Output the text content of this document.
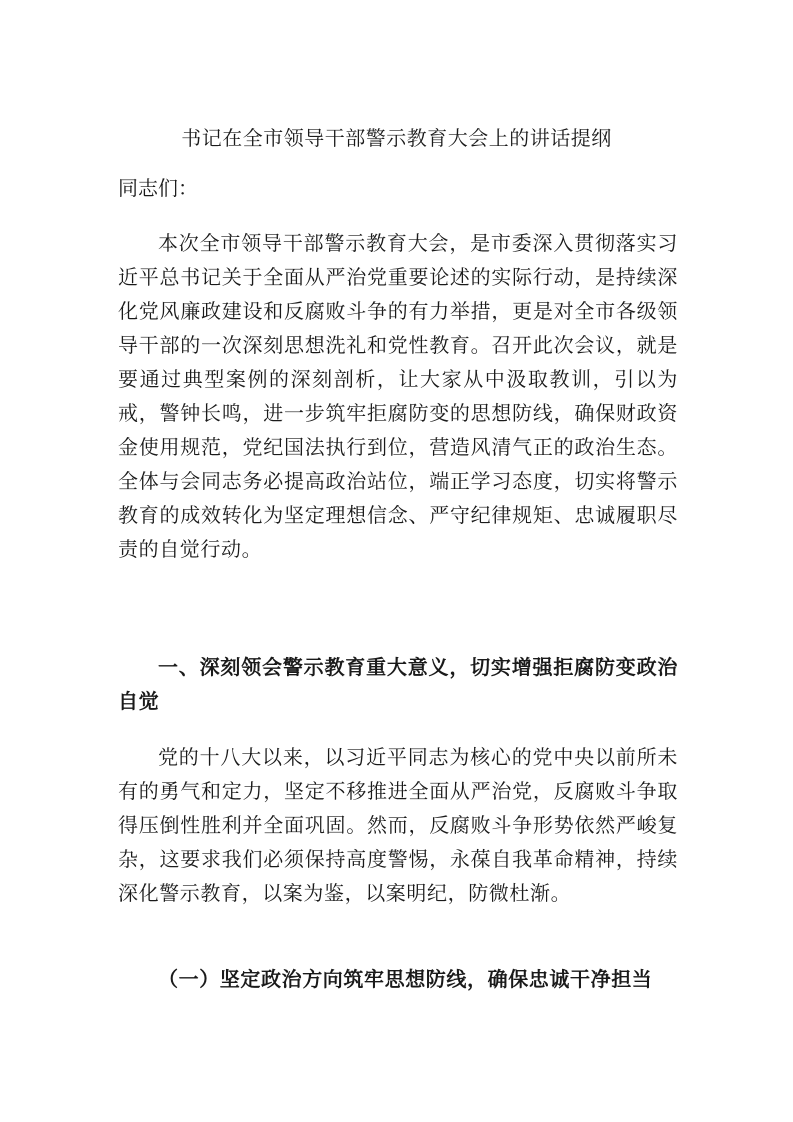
书记在全市领导干部警示教育大会上的讲话提纲

同志们：

本次全市领导干部警示教育大会，是市委深入贯彻落实习近平总书记关于全面从严治党重要论述的实际行动，是持续深化党风廉政建设和反腐败斗争的有力举措，更是对全市各级领导干部的一次深刻思想洗礼和党性教育。召开此次会议，就是要通过典型案例的深刻剖析，让大家从中汲取教训，引以为戒，警钟长鸣，进一步筑牢拒腐防变的思想防线，确保财政资金使用规范，党纪国法执行到位，营造风清气正的政治生态。全体与会同志务必提高政治站位，端正学习态度，切实将警示教育的成效转化为坚定理想信念、严守纪律规矩、忠诚履职尽责的自觉行动。

一、深刻领会警示教育重大意义，切实增强拒腐防变政治自觉

党的十八大以来，以习近平同志为核心的党中央以前所未有的勇气和定力，坚定不移推进全面从严治党，反腐败斗争取得压倒性胜利并全面巩固。然而，反腐败斗争形势依然严峻复杂，这要求我们必须保持高度警惕，永葆自我革命精神，持续深化警示教育，以案为鉴，以案明纪，防微杜渐。

（一）坚定政治方向筑牢思想防线，确保忠诚干净担当
